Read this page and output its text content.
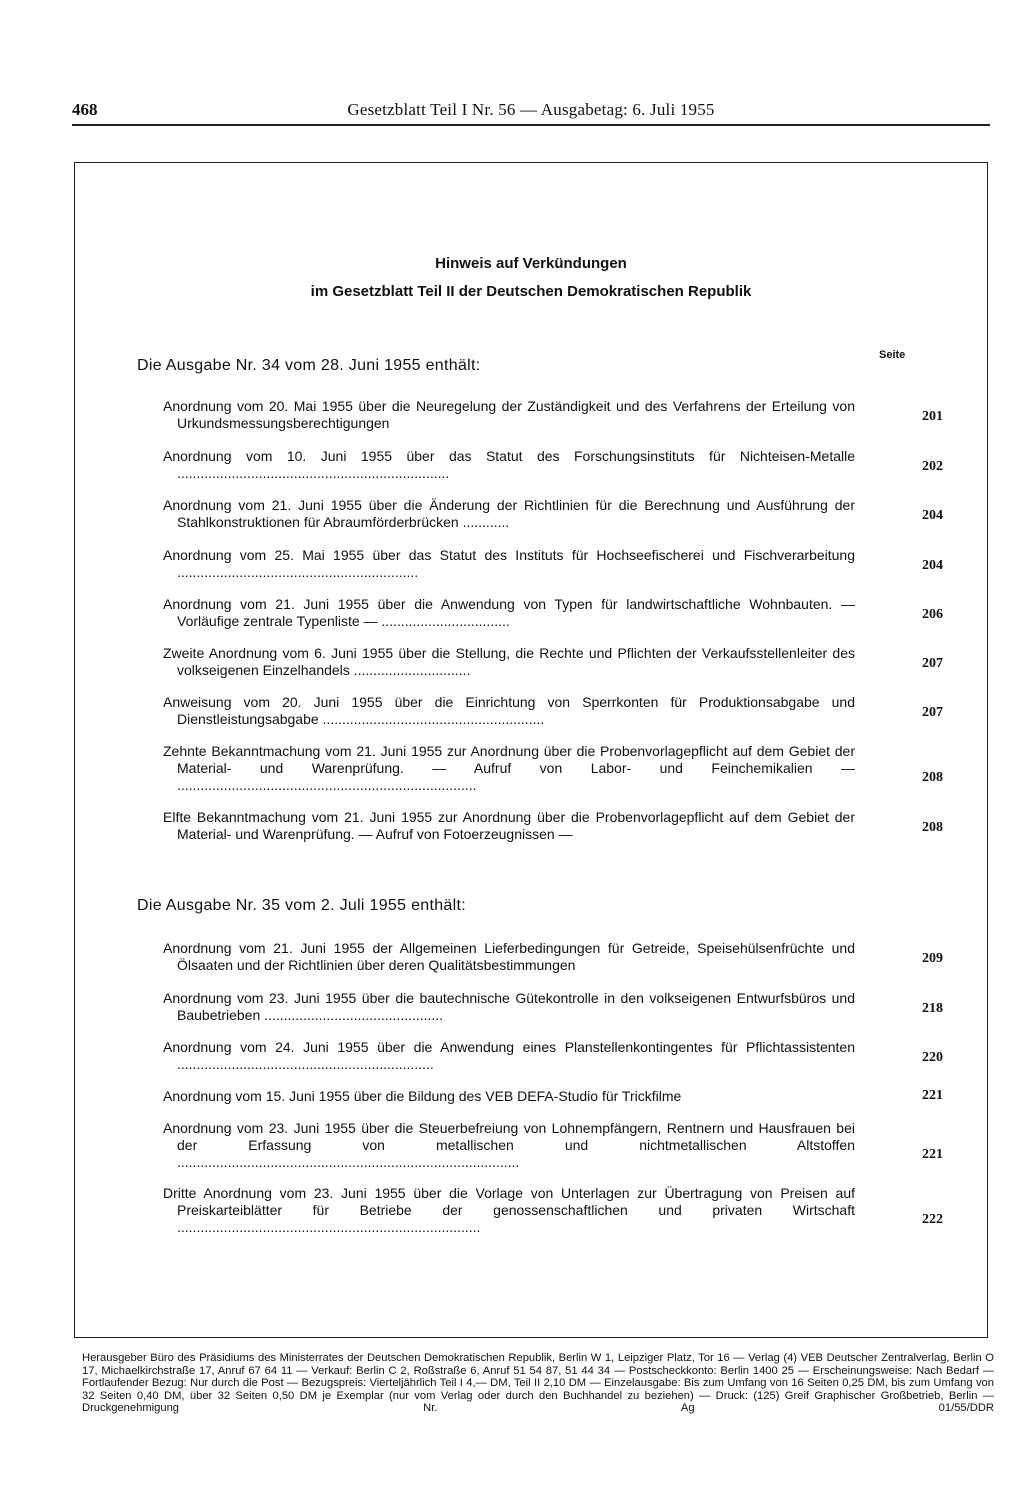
468	Gesetzblatt Teil I Nr. 56 — Ausgabetag: 6. Juli 1955
Hinweis auf Verkündungen
im Gesetzblatt Teil II der Deutschen Demokratischen Republik
Seite
Die Ausgabe Nr. 34 vom 28. Juni 1955 enthält:
Anordnung vom 20. Mai 1955 über die Neuregelung der Zuständigkeit und des Verfahrens der Erteilung von Urkundsmessungsberechtigungen	201
Anordnung vom 10. Juni 1955 über das Statut des Forschungsinstituts für Nichteisen-Metalle ......................................................................	202
Anordnung vom 21. Juni 1955 über die Änderung der Richtlinien für die Berechnung und Ausführung der Stahlkonstruktionen für Abraumförderbrücken ............	204
Anordnung vom 25. Mai 1955 über das Statut des Instituts für Hochseefischerei und Fischverarbeitung ..............................................................	204
Anordnung vom 21. Juni 1955 über die Anwendung von Typen für landwirtschaftliche Wohnbauten. — Vorläufige zentrale Typenliste — .................................	206
Zweite Anordnung vom 6. Juni 1955 über die Stellung, die Rechte und Pflichten der Verkaufsstellenleiter des volkseigenen Einzelhandels ..............................	207
Anweisung vom 20. Juni 1955 über die Einrichtung von Sperrkonten für Produktionsabgabe und Dienstleistungsabgabe .........................................................	207
Zehnte Bekanntmachung vom 21. Juni 1955 zur Anordnung über die Probenvorlagepflicht auf dem Gebiet der Material- und Warenprüfung. — Aufruf von Labor- und Feinchemikalien — .............................................................................	208
Elfte Bekanntmachung vom 21. Juni 1955 zur Anordnung über die Probenvorlagepflicht auf dem Gebiet der Material- und Warenprüfung. — Aufruf von Fotoerzeugnissen —	208
Die Ausgabe Nr. 35 vom 2. Juli 1955 enthält:
Anordnung vom 21. Juni 1955 der Allgemeinen Lieferbedingungen für Getreide, Speisehülsenfrüchte und Ölsaaten und der Richtlinien über deren Qualitätsbestimmungen	209
Anordnung vom 23. Juni 1955 über die bautechnische Gütekontrolle in den volkseigenen Entwurfsbüros und Baubetrieben ..............................................	218
Anordnung vom 24. Juni 1955 über die Anwendung eines Planstellenkontingentes für Pflichtassistenten ..................................................................	220
Anordnung vom 15. Juni 1955 über die Bildung des VEB DEFA-Studio für Trickfilme	221
Anordnung vom 23. Juni 1955 über die Steuerbefreiung von Lohnempfängern, Rentnern und Hausfrauen bei der Erfassung von metallischen und nichtmetallischen Altstoffen ........................................................................................	221
Dritte Anordnung vom 23. Juni 1955 über die Vorlage von Unterlagen zur Übertragung von Preisen auf Preiskarteiblätter für Betriebe der genossenschaftlichen und privaten Wirtschaft ..............................................................................	222
Herausgeber Büro des Präsidiums des Ministerrates der Deutschen Demokratischen Republik, Berlin W 1, Leipziger Platz, Tor 16 — Verlag (4) VEB Deutscher Zentralverlag, Berlin O 17, Michaelkirchstraße 17, Anruf 67 64 11 — Verkauf: Berlin C 2, Roßstraße 6, Anruf 51 54 87, 51 44 34 — Postscheckkonto: Berlin 1400 25 — Erscheinungsweise: Nach Bedarf — Fortlaufender Bezug: Nur durch die Post — Bezugspreis: Vierteljährlich Teil I 4,— DM, Teil II 2,10 DM — Einzelausgabe: Bis zum Umfang von 16 Seiten 0,25 DM, bis zum Umfang von 32 Seiten 0,40 DM, über 32 Seiten 0,50 DM je Exemplar (nur vom Verlag oder durch den Buchhandel zu beziehen) — Druck: (125) Greif Graphischer Großbetrieb, Berlin — Druckgenehmigung Nr. Ag 01/55/DDR
